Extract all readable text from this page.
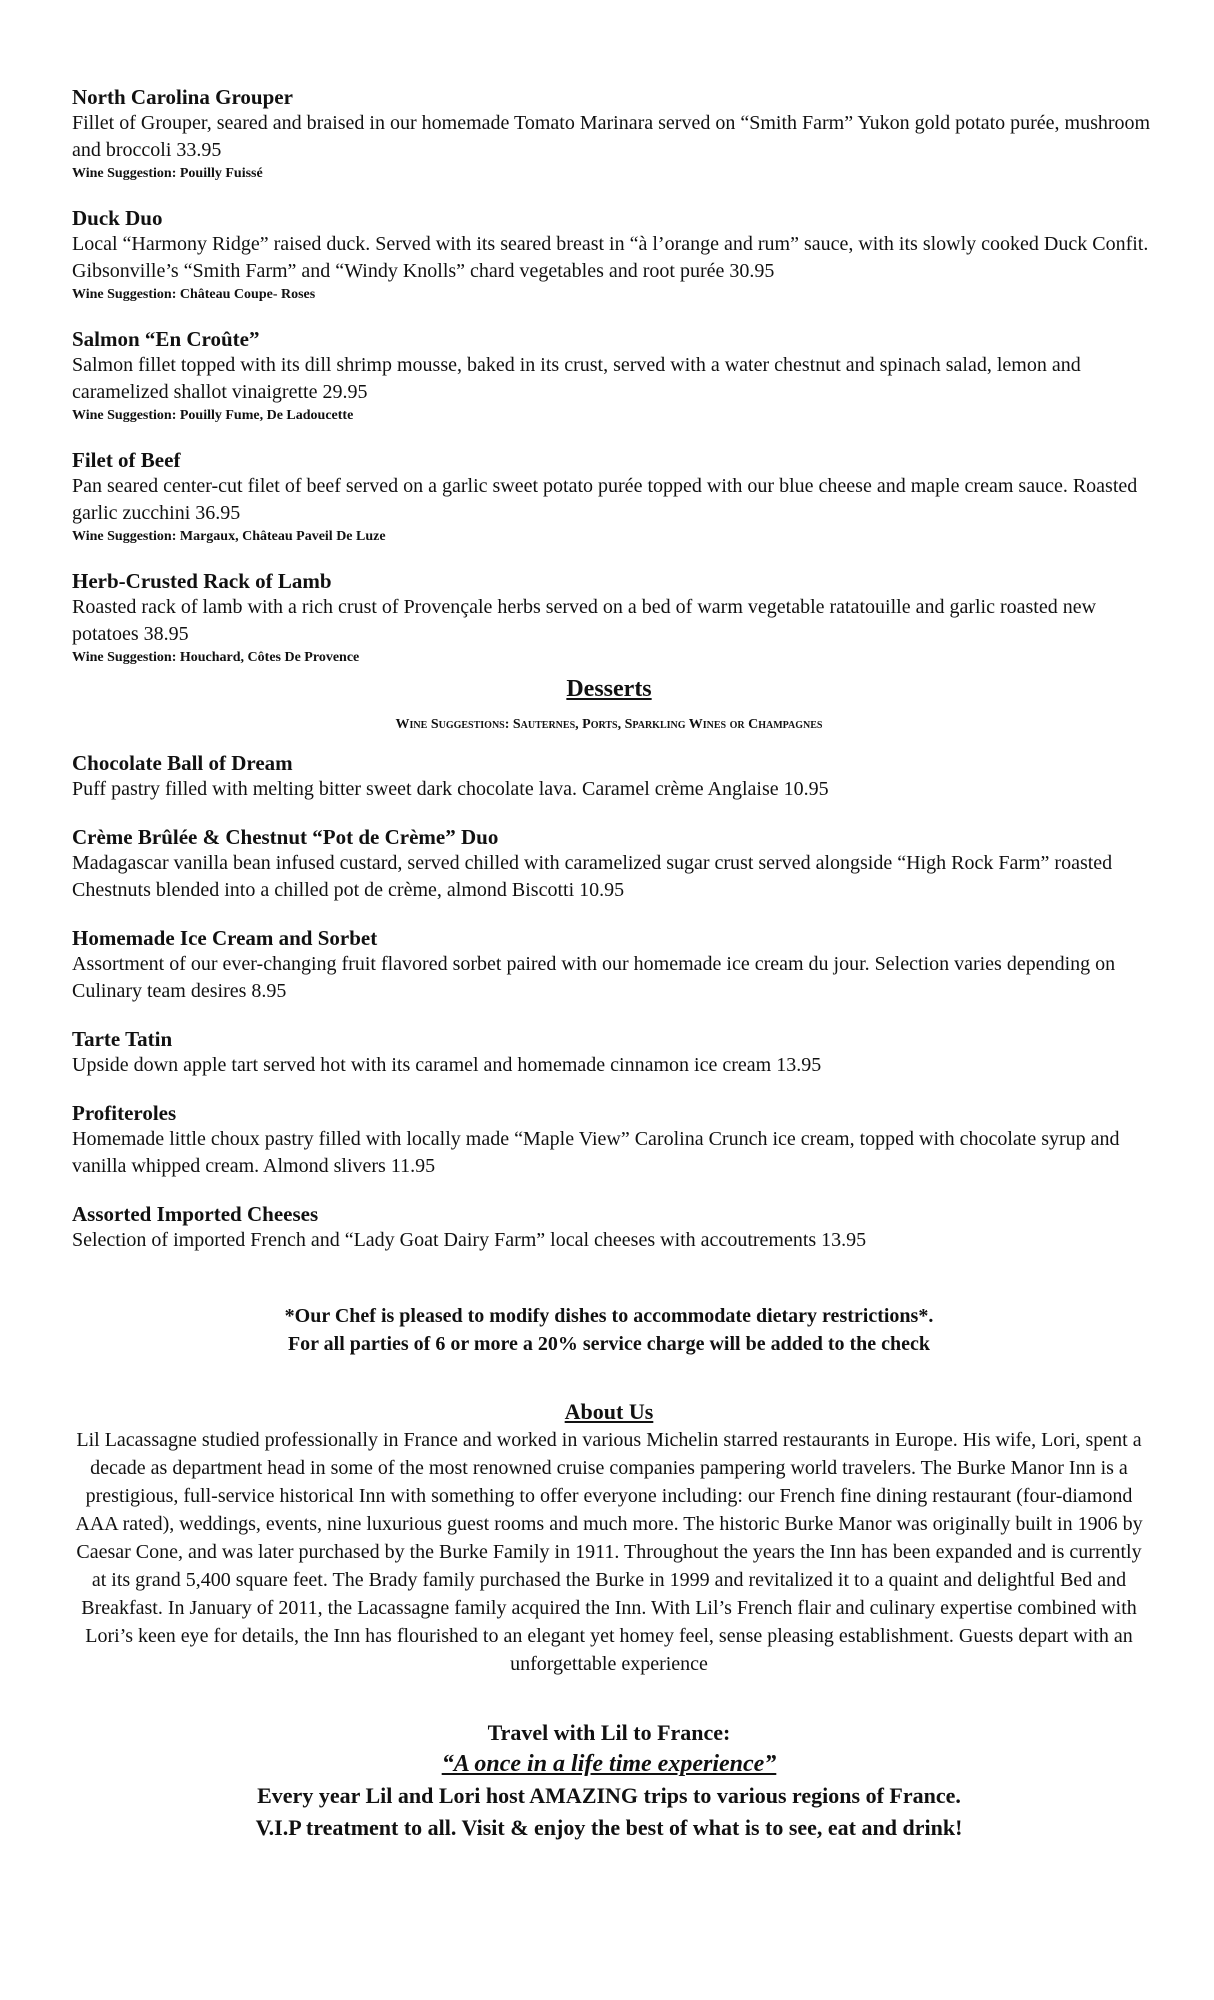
North Carolina Grouper
Fillet of Grouper, seared and braised in our homemade Tomato Marinara served on “Smith Farm” Yukon gold potato purée, mushroom and broccoli 33.95
Wine Suggestion: Pouilly Fuissé
Duck Duo
Local “Harmony Ridge” raised duck. Served with its seared breast in “à l’orange and rum” sauce, with its slowly cooked Duck Confit. Gibsonville’s “Smith Farm” and “Windy Knolls” chard vegetables and root purée 30.95
Wine Suggestion: Château Coupe- Roses
Salmon “En Croûte”
Salmon fillet topped with its dill shrimp mousse, baked in its crust, served with a water chestnut and spinach salad, lemon and caramelized shallot vinaigrette 29.95
Wine Suggestion: Pouilly Fume, De Ladoucette
Filet of Beef
Pan seared center-cut filet of beef served on a garlic sweet potato purée topped with our blue cheese and maple cream sauce. Roasted garlic zucchini 36.95
Wine Suggestion: Margaux, Château Paveil De Luze
Herb-Crusted Rack of Lamb
Roasted rack of lamb with a rich crust of Provençale herbs served on a bed of warm vegetable ratatouille and garlic roasted new potatoes 38.95
Wine Suggestion: Houchard, Côtes De Provence
Desserts
Wine Suggestions: Sauternes, Ports, Sparkling Wines or Champagnes
Chocolate Ball of Dream
Puff pastry filled with melting bitter sweet dark chocolate lava. Caramel crème Anglaise 10.95
Crème Brûlée & Chestnut “Pot de Crème” Duo
Madagascar vanilla bean infused custard, served chilled with caramelized sugar crust served alongside “High Rock Farm” roasted Chestnuts blended into a chilled pot de crème, almond Biscotti 10.95
Homemade Ice Cream and Sorbet
Assortment of our ever-changing fruit flavored sorbet paired with our homemade ice cream du jour. Selection varies depending on Culinary team desires 8.95
Tarte Tatin
Upside down apple tart served hot with its caramel and homemade cinnamon ice cream 13.95
Profiteroles
Homemade little choux pastry filled with locally made “Maple View” Carolina Crunch ice cream, topped with chocolate syrup and vanilla whipped cream. Almond slivers 11.95
Assorted Imported Cheeses
Selection of imported French and “Lady Goat Dairy Farm” local cheeses with accoutrements 13.95
*Our Chef is pleased to modify dishes to accommodate dietary restrictions*.
For all parties of 6 or more a 20% service charge will be added to the check
About Us
Lil Lacassagne studied professionally in France and worked in various Michelin starred restaurants in Europe. His wife, Lori, spent a decade as department head in some of the most renowned cruise companies pampering world travelers. The Burke Manor Inn is a prestigious, full-service historical Inn with something to offer everyone including: our French fine dining restaurant (four-diamond AAA rated), weddings, events, nine luxurious guest rooms and much more. The historic Burke Manor was originally built in 1906 by Caesar Cone, and was later purchased by the Burke Family in 1911. Throughout the years the Inn has been expanded and is currently at its grand 5,400 square feet. The Brady family purchased the Burke in 1999 and revitalized it to a quaint and delightful Bed and Breakfast. In January of 2011, the Lacassagne family acquired the Inn. With Lil’s French flair and culinary expertise combined with Lori’s keen eye for details, the Inn has flourished to an elegant yet homey feel, sense pleasing establishment. Guests depart with an unforgettable experience
Travel with Lil to France:
“A once in a life time experience”
Every year Lil and Lori host AMAZING trips to various regions of France.
V.I.P treatment to all. Visit & enjoy the best of what is to see, eat and drink!
